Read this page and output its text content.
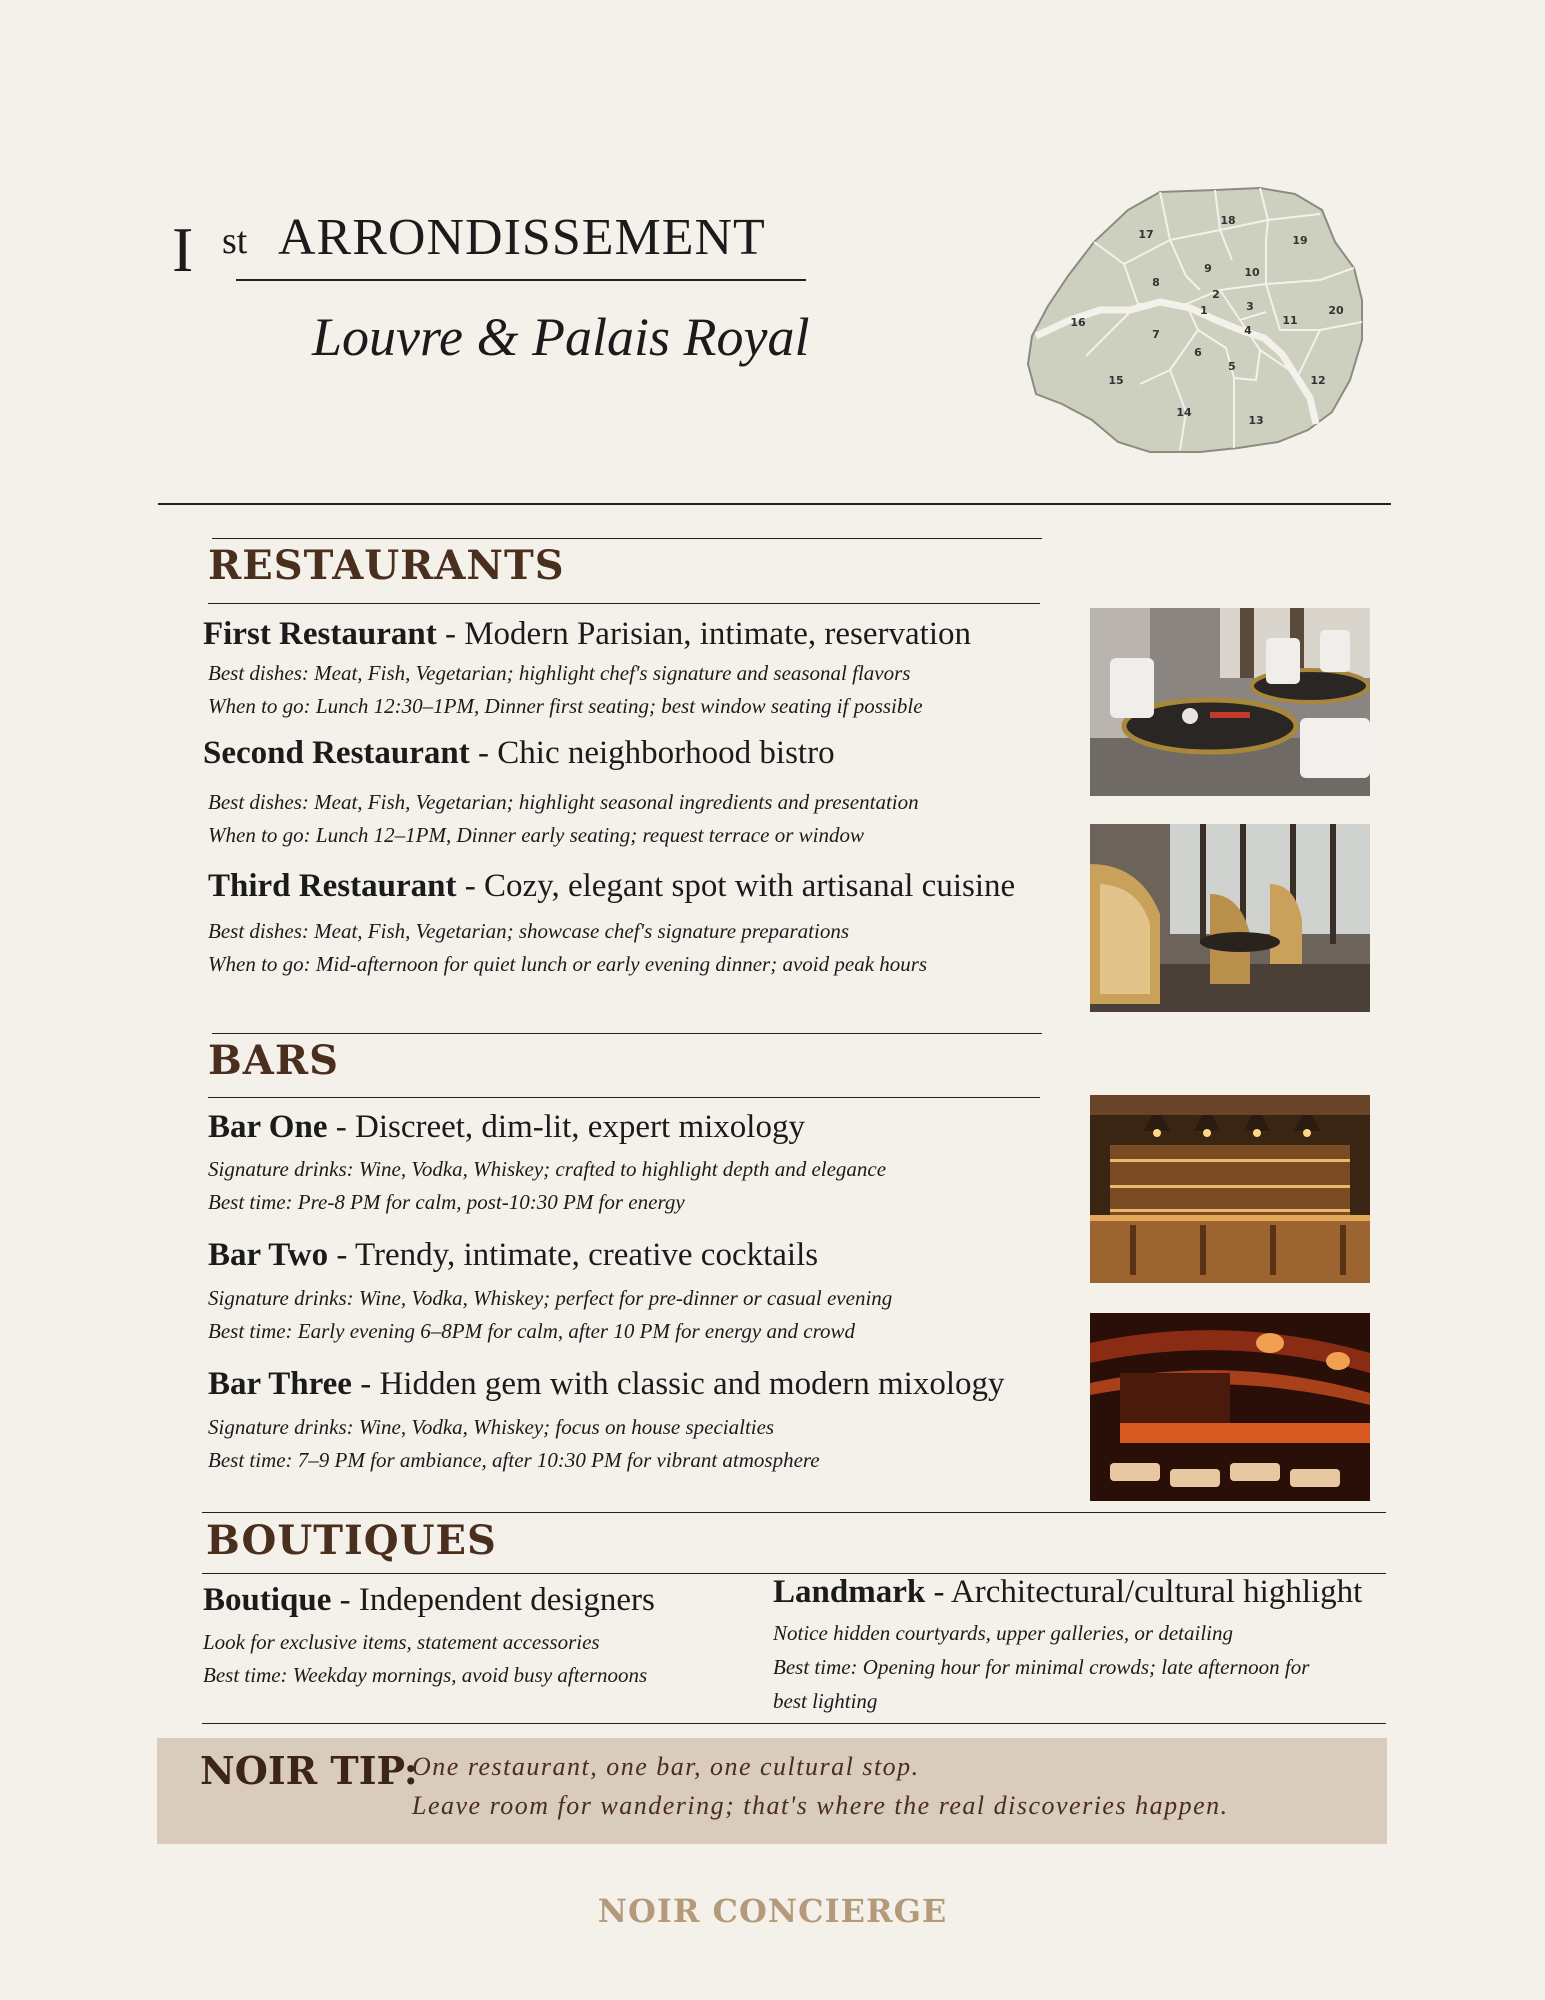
I st ARRONDISSEMENT
Louvre & Palais Royal	1
2
3
4
5
6
7
8
9	10
11
12
13
14
15
16
17
18
19
20
RESTAURANTS
First Restaurant - Modern Parisian, intimate, reservation
Best dishes: Meat, Fish, Vegetarian; highlight chef's signature and seasonal flavors
When to go: Lunch 12:30–1PM, Dinner first seating; best window seating if possible
Second Restaurant - Chic neighborhood bistro
Best dishes: Meat, Fish, Vegetarian; highlight seasonal ingredients and presentation
When to go: Lunch 12–1PM, Dinner early seating; request terrace or window
Third Restaurant - Cozy, elegant spot with artisanal cuisine
Best dishes: Meat, Fish, Vegetarian; showcase chef's signature preparations
When to go: Mid-afternoon for quiet lunch or early evening dinner; avoid peak hours
BARS
Bar One - Discreet, dim-lit, expert mixology
Signature drinks: Wine, Vodka, Whiskey; crafted to highlight depth and elegance
Best time: Pre-8 PM for calm, post-10:30 PM for energy
Bar Two - Trendy, intimate, creative cocktails
Signature drinks: Wine, Vodka, Whiskey; perfect for pre-dinner or casual evening
Best time: Early evening 6–8PM for calm, after 10 PM for energy and crowd
Bar Three - Hidden gem with classic and modern mixology
Signature drinks: Wine, Vodka, Whiskey; focus on house specialties
Best time: 7–9 PM for ambiance, after 10:30 PM for vibrant atmosphere
BOUTIQUES
Boutique - Independent designers
Look for exclusive items, statement accessories
Best time: Weekday mornings, avoid busy afternoons
Landmark - Architectural/cultural highlight
Notice hidden courtyards, upper galleries, or detailing
Best time: Opening hour for minimal crowds; late afternoon for
best lighting
NOIR TIP:
One restaurant, one bar, one cultural stop.
Leave room for wandering; that's where the real discoveries happen.
NOIR CONCIERGE
